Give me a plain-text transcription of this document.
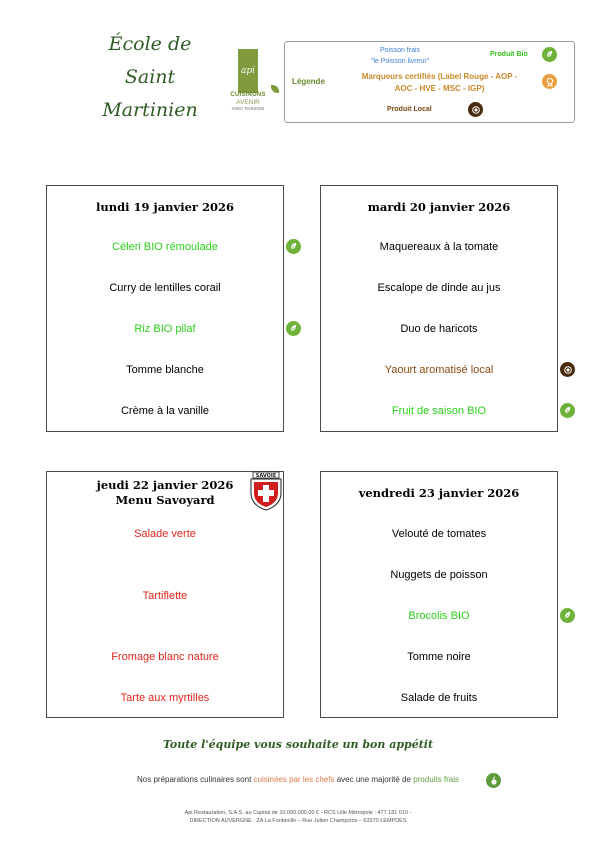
École de
Saint
Martinien
api
CUISINONS
AVENIR
AVEC PASSION
Légende
Poisson frais
"le Poisson livreur"
Produit Bio
Marqueurs certifiés (Label Rouge - AOP -
AOC - HVE - MSC - IGP)
Produit Local
lundi 19 janvier 2026
Céleri BIO rémoulade
Curry de lentilles corail
Riz BIO pilaf
Tomme blanche
Crème à la vanille
mardi 20 janvier 2026
Maquereaux à la tomate
Escalope de dinde au jus
Duo de haricots
Yaourt aromatisé local
Fruit de saison BIO
jeudi 22 janvier 2026
Menu Savoyard
Salade verte
Tartiflette
Fromage blanc nature
Tarte aux myrtilles
SAVOIE
vendredi 23 janvier 2026
Velouté de tomates
Nuggets de poisson
Brocolis BIO
Tomme noire
Salade de fruits
Toute l'équipe vous souhaite un bon appétit
Nos préparations culinaires sont cuisinées par les chefs avec une majorité de produits frais
Api Restauration, S.A.S. au Capital de 10.000.000,00 € - RCS Lille Métropole : 477 181 010 -
DIRECTION AUVERGNE : ZA La Fontanille – Rue Julien Champclos – 63370 LEMPDES
